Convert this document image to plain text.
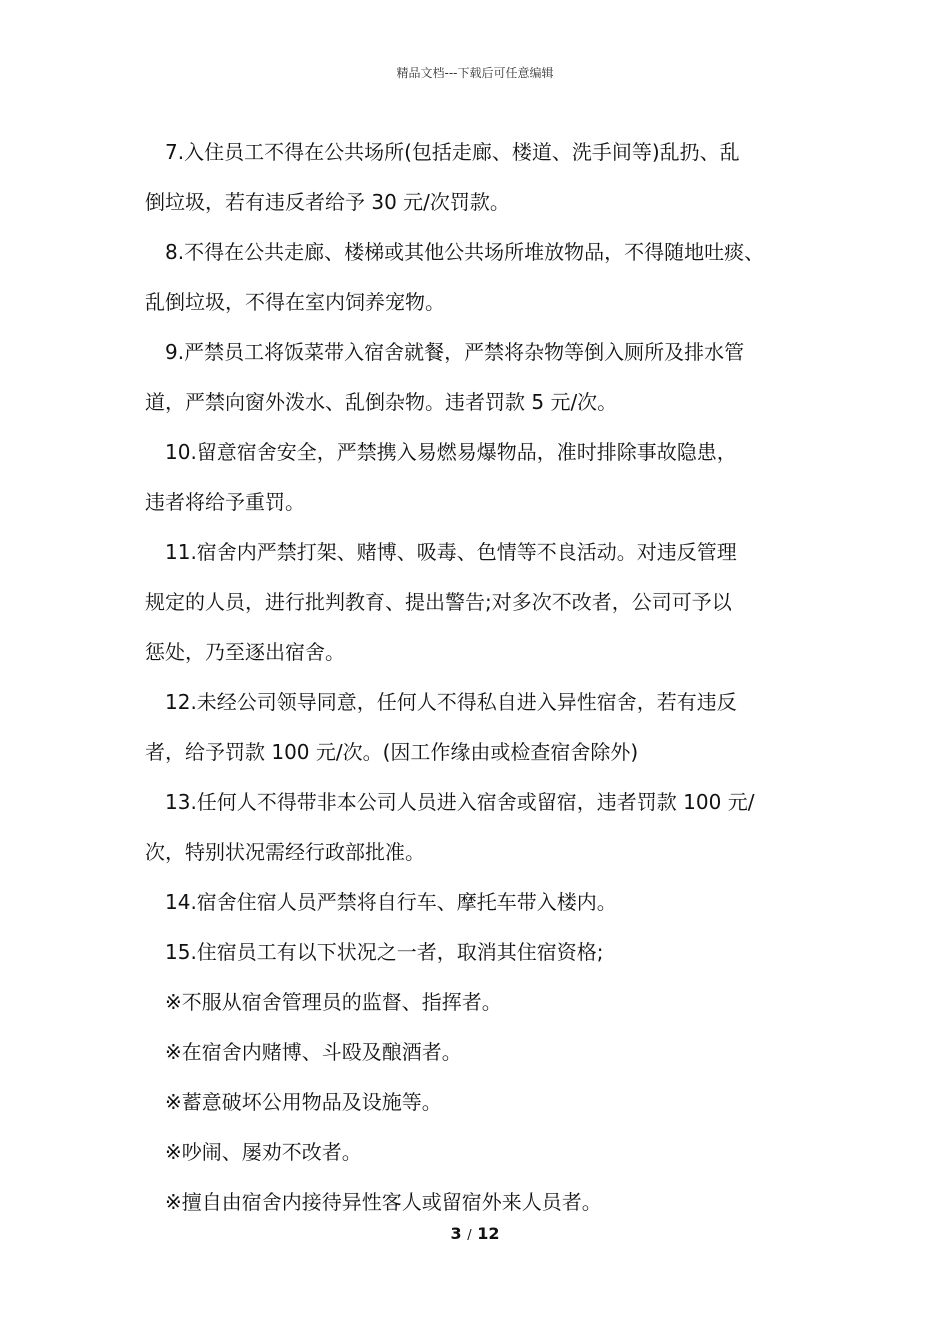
精品文档---下载后可任意编辑

7.入住员工不得在公共场所(包括走廊、楼道、洗手间等)乱扔、乱

倒垃圾，若有违反者给予 30 元/次罚款。

8.不得在公共走廊、楼梯或其他公共场所堆放物品，不得随地吐痰、

乱倒垃圾，不得在室内饲养宠物。

9.严禁员工将饭菜带入宿舍就餐，严禁将杂物等倒入厕所及排水管

道，严禁向窗外泼水、乱倒杂物。违者罚款 5 元/次。

10.留意宿舍安全，严禁携入易燃易爆物品，准时排除事故隐患，

违者将给予重罚。

11.宿舍内严禁打架、赌博、吸毒、色情等不良活动。对违反管理

规定的人员，进行批判教育、提出警告;对多次不改者，公司可予以

惩处，乃至逐出宿舍。

12.未经公司领导同意，任何人不得私自进入异性宿舍，若有违反

者，给予罚款 100 元/次。(因工作缘由或检查宿舍除外)

13.任何人不得带非本公司人员进入宿舍或留宿，违者罚款 100 元/

次，特别状况需经行政部批准。

14.宿舍住宿人员严禁将自行车、摩托车带入楼内。

15.住宿员工有以下状况之一者，取消其住宿资格;

※不服从宿舍管理员的监督、指挥者。

※在宿舍内赌博、斗殴及酿酒者。

※蓄意破坏公用物品及设施等。

※吵闹、屡劝不改者。

※擅自由宿舍内接待异性客人或留宿外来人员者。

3 / 12
